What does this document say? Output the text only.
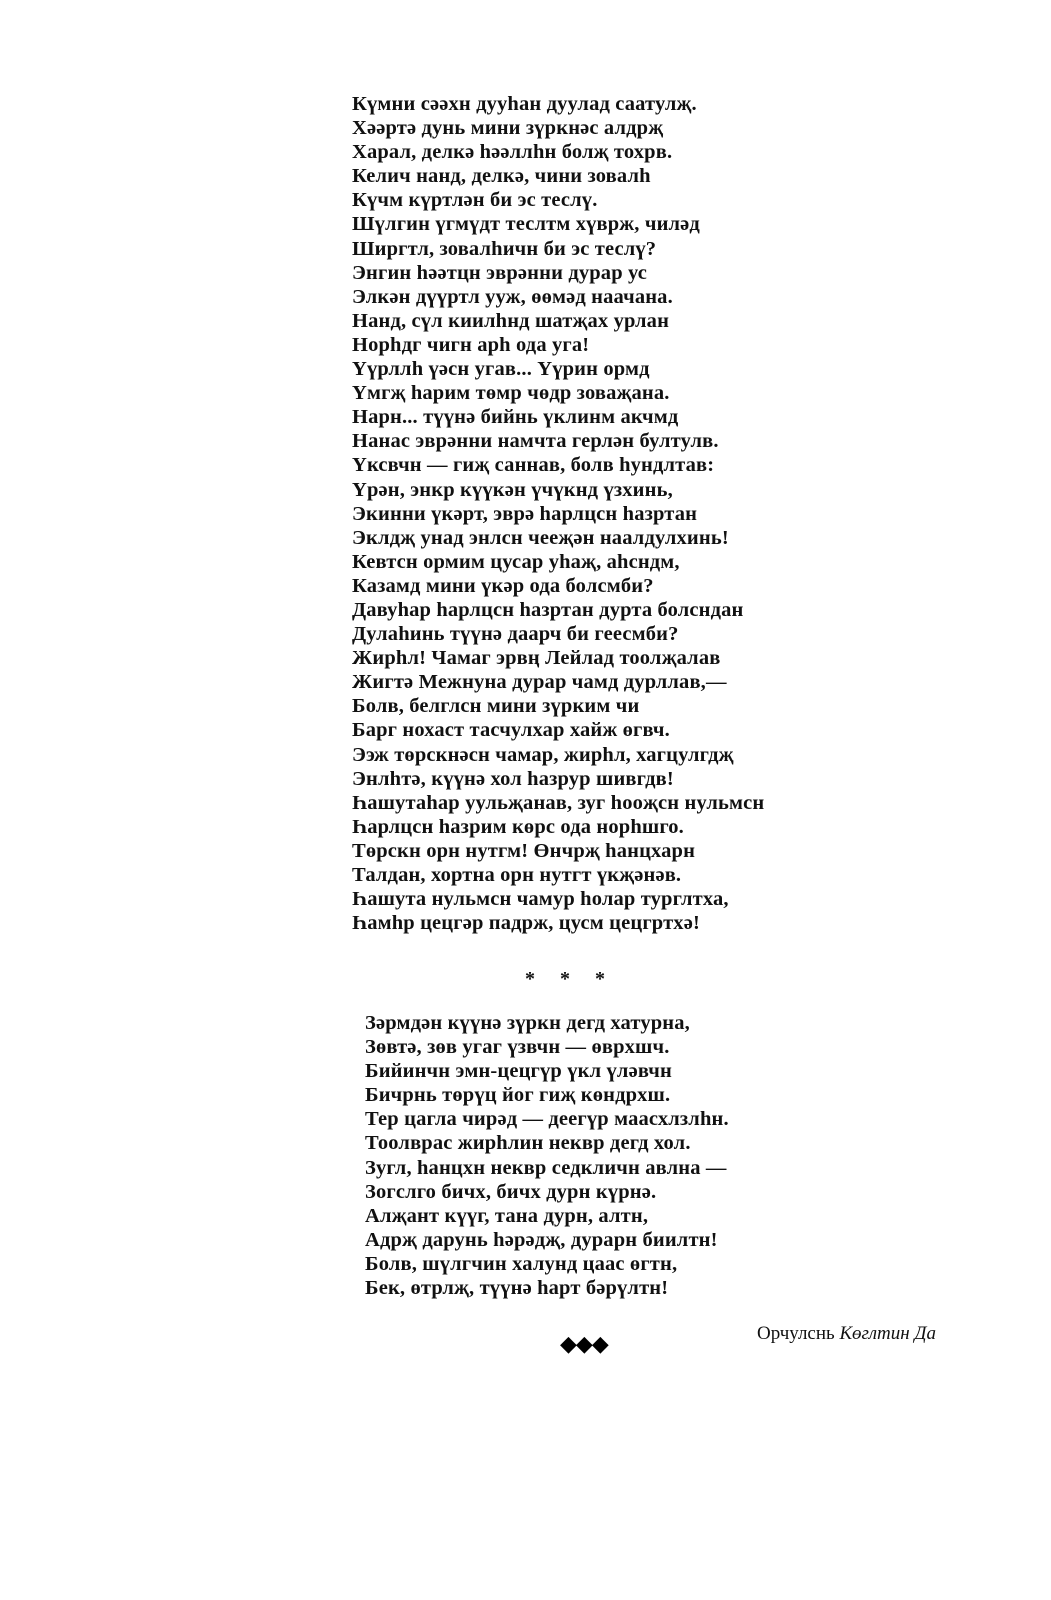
Күмни сәәхн дууһан дуулад саатулҗ.
Хәәртә дунь мини зүркнәс алдрҗ
Харал, делкә һәәллһн болҗ тохрв.
Келич нанд, делкә, чини зовалһ
Күчм күртлән би эс теслү.
Шүлгин үгмүдт теслтм хүврж, чиләд
Ширгтл, зовалһичн би эс теслү?
Энгин һәәтцн эврәнни дурар ус
Элкән дүүртл ууж, өөмәд наачана.
Нанд, сүл киилһнд шатҗах урлан
Норһдг чигн арһ ода уга!
Үүрллһ үәсн угав... Үүрин ормд
Үмгҗ һарим төмр чөдр зоваҗана.
Нарн... түүнә бийнь үклинм акчмд
Нанас эврәнни намчта герлән бултулв.
Үксвчн — гиҗ саннав, болв һундлтав:
Үрән, энкр күүкән үчүкнд үзхинь,
Экинни үкәрт, эврә һарлцсн һазртан
Эклдҗ унад энлсн чееҗән наалдулхинь!
Кевтсн ормим цусар уһаҗ, аһсндм,
Казамд мини үкәр ода болсмби?
Давуһар һарлцсн һазртан дурта болсндан
Дулаһинь түүнә даарч би геесмби?
Жирһл! Чамаг эрвң Лейлад тоолҗалав
Жигтә Межнуна дурар чамд дурллав,—
Болв, белглсн мини зүрким чи
Барг нохаст тасчулхар хайж өгвч.
Ээж төрскнәсн чамар, жирһл, хагцулгдҗ
Энлһтә, күүнә хол һазрур шивгдв!
Һашутаһар уульҗанав, зуг һооҗсн нульмсн
Һарлцсн һазрим көрс ода норһшго.
Төрскн орн нутгм! Өнчрҗ һанцхарн
Талдан, хортна орн нутгт үкҗәнәв.
Һашута нульмсн чамур һолар турглтха,
Һамһр цецгәр падрж, цусм цецгртхә!
* * *
Зәрмдән күүнә зүркн дегд хатурна,
Зөвтә, зөв угаг үзвчн — өврхшч.
Бийинчн эмн-цецгүр үкл үләвчн
Бичрнь төрүц йог гиҗ көндрхш.
Тер цагла чирәд — деегүр маасхлзлһн.
Тоолврас жирһлин неквр дегд хол.
Зугл, һанцхн неквр седкличн авлна —
Зогслго бичх, бичх дурн күрнә.
Алҗант күүг, тана дурн, алтн,
Адрҗ дарунь һәрәдҗ, дурарн биилтн!
Болв, шүлгчин халунд цаас өгтн,
Бек, өтрлҗ, түүнә һарт бәрүлтн!
Орчулснь Көглтин Да
◆◆◆
